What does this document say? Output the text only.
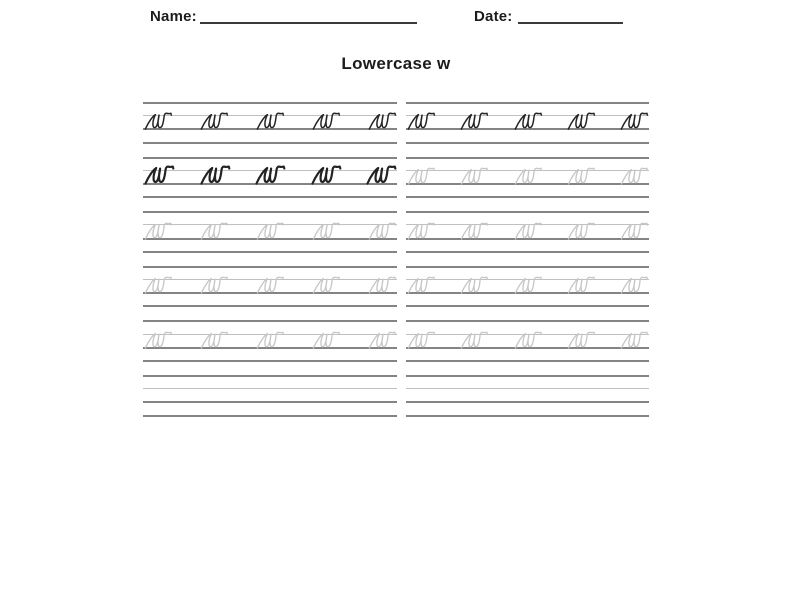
Name:	Date:
Lowercase w
